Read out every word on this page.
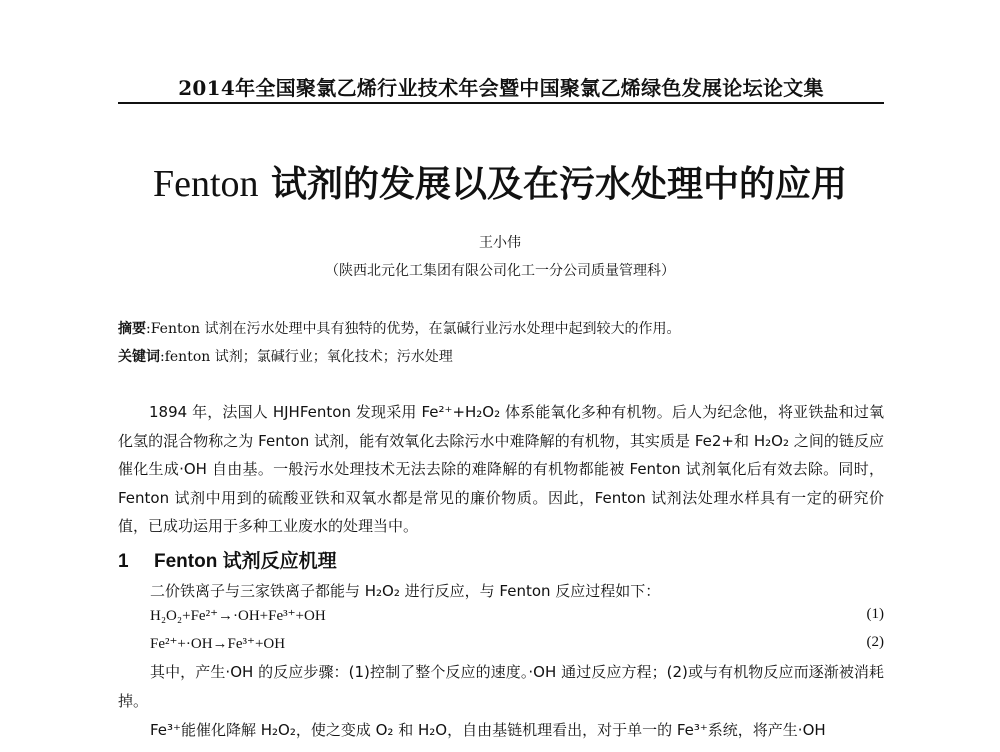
2014年全国聚氯乙烯行业技术年会暨中国聚氯乙烯绿色发展论坛论文集
Fenton 试剂的发展以及在污水处理中的应用
王小伟
（陕西北元化工集团有限公司化工一分公司质量管理科）
摘要:Fenton 试剂在污水处理中具有独特的优势，在氯碱行业污水处理中起到较大的作用。
关键词:fenton 试剂；氯碱行业；氧化技术；污水处理
1894 年，法国人 HJHFenton 发现采用 Fe²⁺+H₂O₂ 体系能氧化多种有机物。后人为纪念他，将亚铁盐和过氧化氢的混合物称之为 Fenton 试剂，能有效氧化去除污水中难降解的有机物，其实质是 Fe2+和 H₂O₂ 之间的链反应催化生成·OH 自由基。一般污水处理技术无法去除的难降解的有机物都能被 Fenton 试剂氧化后有效去除。同时，Fenton 试剂中用到的硫酸亚铁和双氧水都是常见的廉价物质。因此，Fenton 试剂法处理水样具有一定的研究价值，已成功运用于多种工业废水的处理当中。
1 Fenton 试剂反应机理
二价铁离子与三家铁离子都能与 H₂O₂ 进行反应，与 Fenton 反应过程如下：
H₂O₂+Fe²⁺→·OH+Fe³⁺+OH	(1)
Fe²⁺+·OH→Fe³⁺+OH	(2)
其中，产生·OH 的反应步骤：(1)控制了整个反应的速度。·OH 通过反应方程；(2)或与有机物反应而逐渐被消耗掉。
Fe³⁺能催化降解 H₂O₂，使之变成 O₂ 和 H₂O，自由基链机理看出，对于单一的 Fe³⁺系统，将产生·OH
